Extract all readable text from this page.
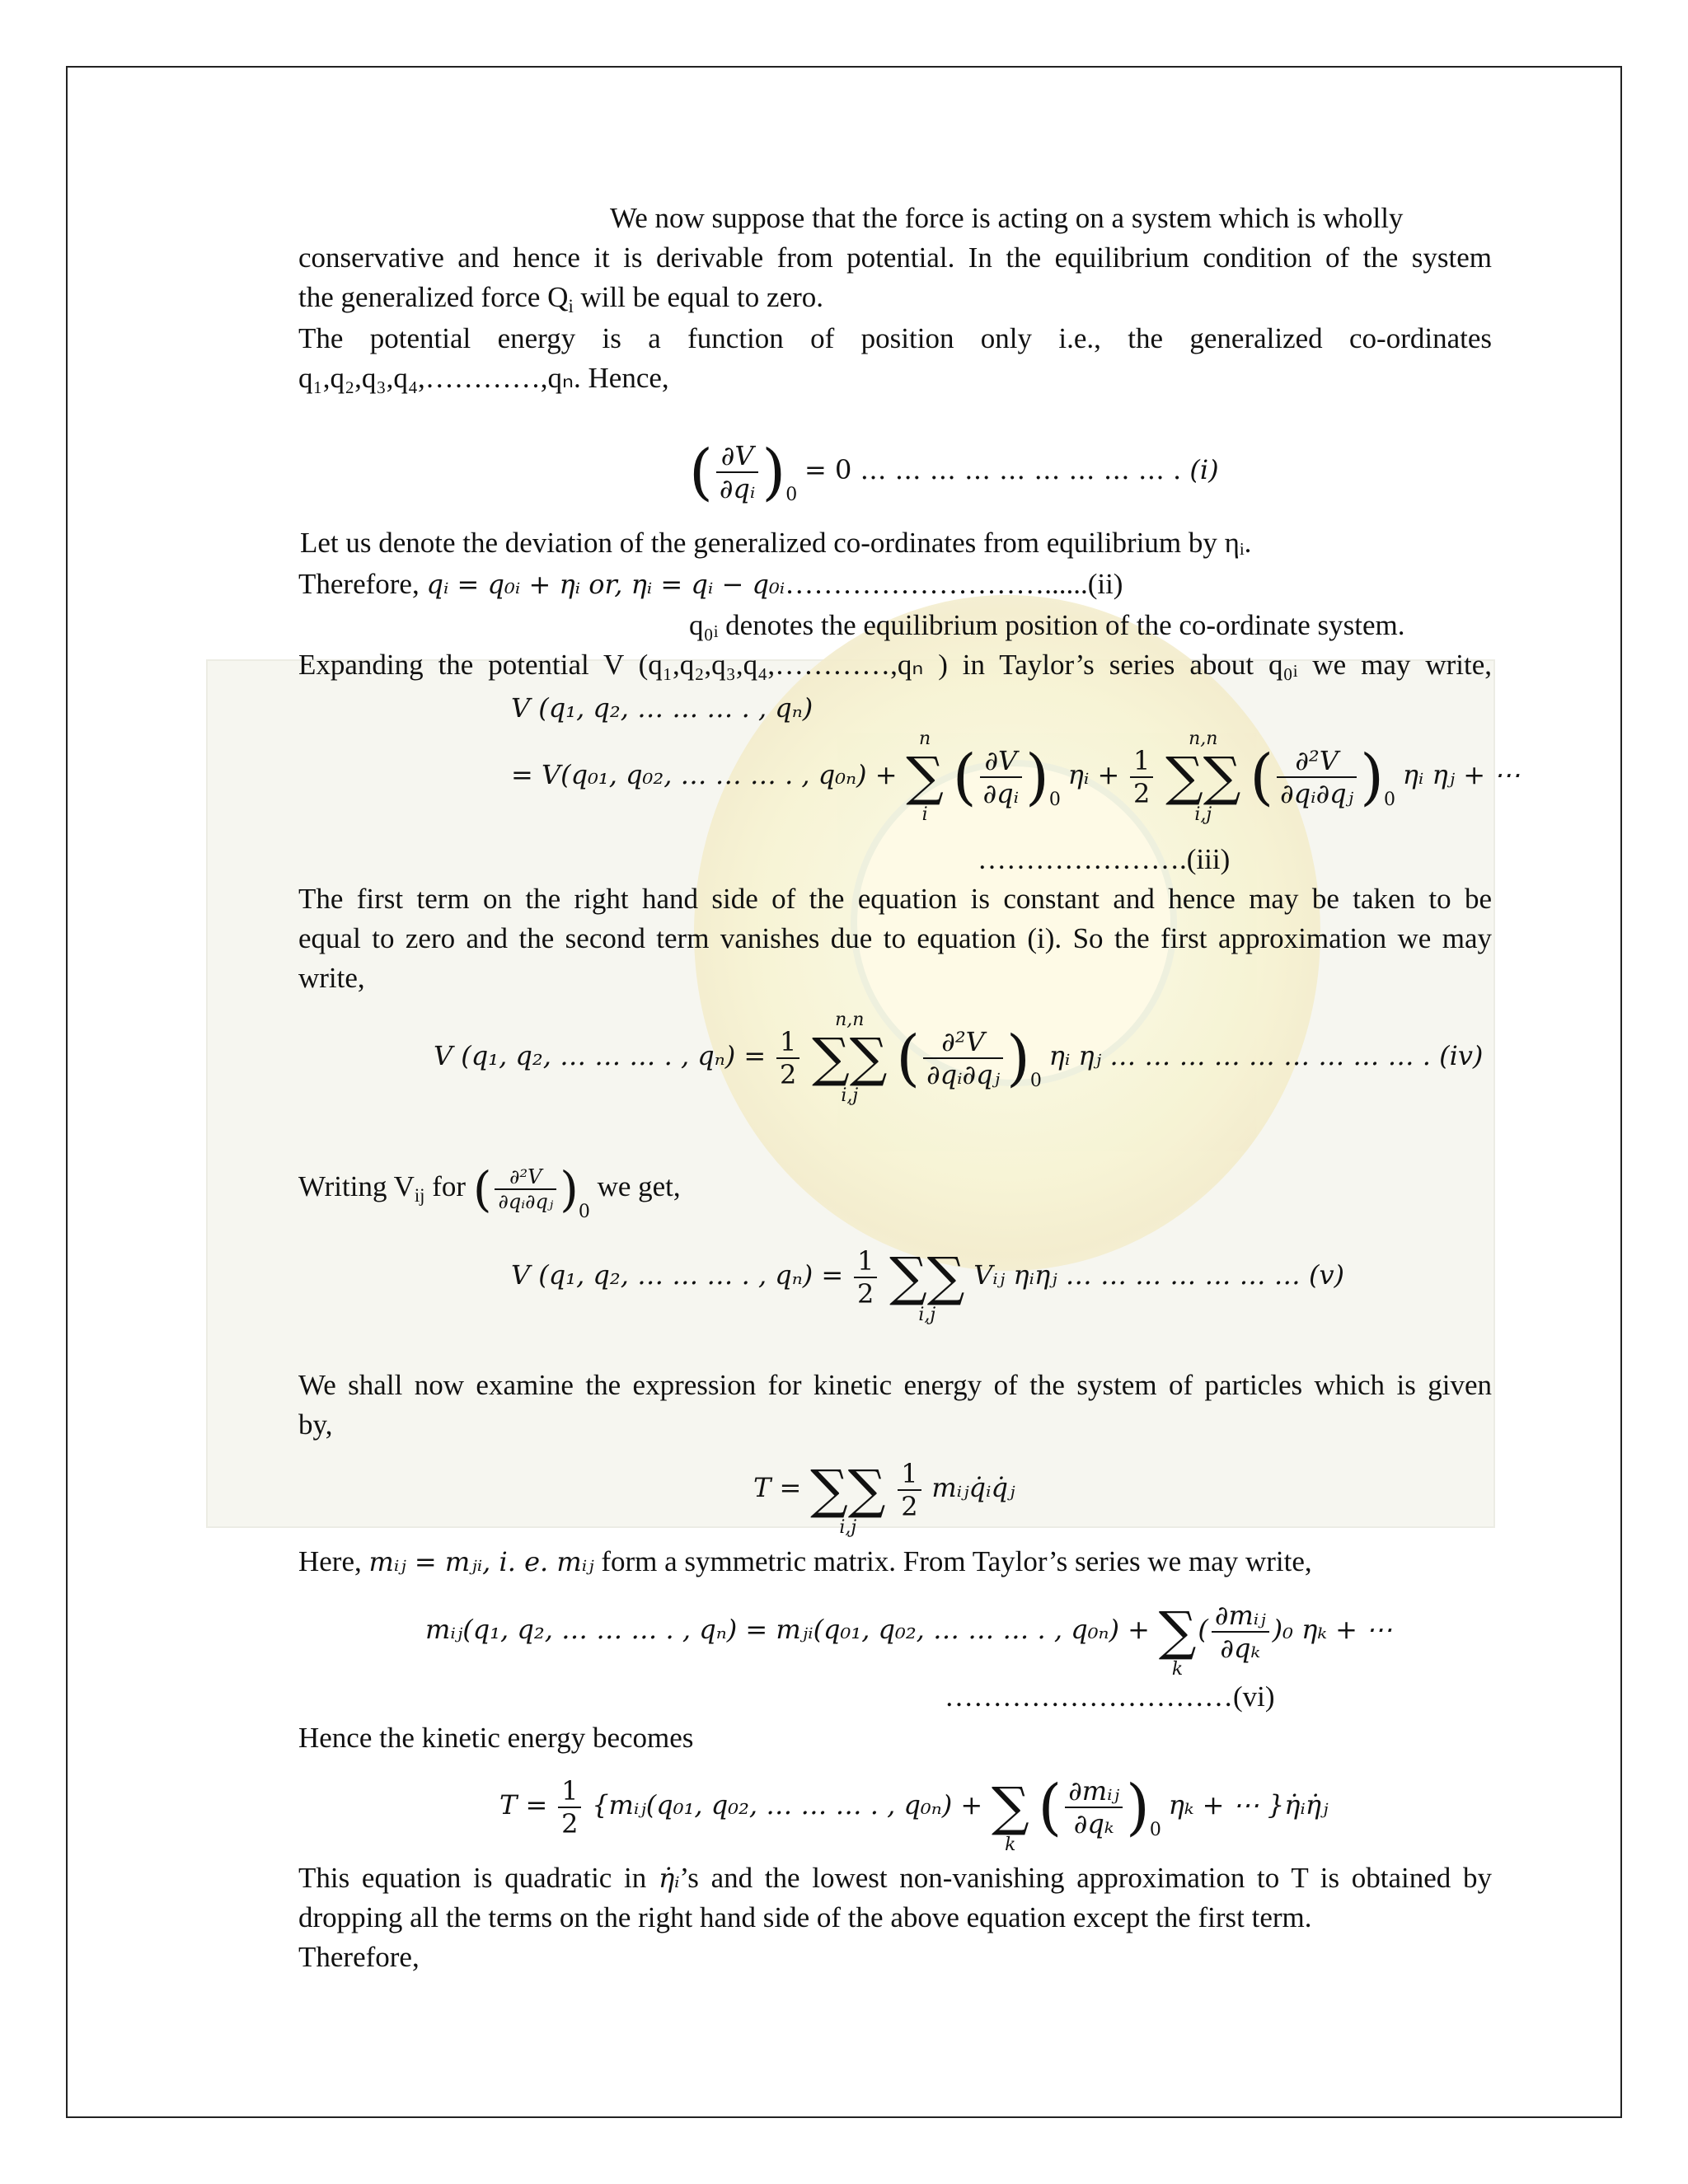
We now suppose that the force is acting on a system which is wholly
conservative and hence it is derivable from potential. In the equilibrium condition of the system
the generalized force $Q_i$ will be equal to zero.
The potential energy is a function of position only i.e., the generalized co-ordinates
q₁,q₂,q₃,q₄,…………,qₙ. Hence,
( $\frac{\partial V}{\text{∂qᵢ}} )_0 = 0$ … … … … … … … … … . (i)
Let us denote the deviation of the generalized co-ordinates from equilibrium by ηᵢ.
Therefore, qᵢ = q₀ᵢ + ηᵢ or, ηᵢ = qᵢ − q₀ᵢ………………………......(ii)
q₀ᵢ denotes the equilibrium position of the co-ordinate system.
Expanding the potential V (q₁,q₂,q₃,q₄,…………,qₙ ) in Taylor’s series about q₀ᵢ we may write,
V (q₁, q₂, … … … . , qₙ)
= V(q₀₁, q₀₂, … … … . , q₀ₙ) +
n
∑
i
( $\frac{\partial V}{\text{∂qᵢ}} )_0$ ηᵢ + $\frac{1}{2}$

n,n
∑∑
i,j
( $\frac{\text{∂²V}}{\text{∂qᵢ∂qⱼ}} )_0$ ηᵢ ηⱼ + ⋯
………………….(iii)
The first term on the right hand side of the equation is constant and hence may be taken to be
equal to zero and the second term vanishes due to equation (i). So the first approximation we may
write,
V (q₁, q₂, … … … . , $q_n) = \frac{1}{2}$

n,n
∑∑
i,j
( $\frac{\text{∂²V}}{\text{∂qᵢ∂qⱼ}} )_0$ ηᵢ ηⱼ … … … … … … … … … . (iv)
Writing $V_{ij}$ for ( $\frac{\text{∂²V}}{\text{∂qᵢ∂qⱼ}} )_0$ we get,
V (q₁, q₂, … … … . , $q_n) = \frac{1}{2}$
∑∑
i,j
Vᵢⱼ ηᵢηⱼ … … … … … … … (v)
We shall now examine the expression for kinetic energy of the system of particles which is given
by,
T = ∑∑
i,j

$\frac{1}{2}$ mᵢⱼq̇ᵢq̇ⱼ
Here, mᵢⱼ = mⱼᵢ, i. e. mᵢⱼ form a symmetric matrix. From Taylor’s series we may write,
mᵢⱼ(q₁, q₂, … … … . , qₙ) = mⱼᵢ(q₀₁, q₀₂, … … … . , q₀ₙ) + ∑
k
( $\frac{\text{∂mᵢⱼ}}{\text{∂qₖ}} )_0$ ηₖ + ⋯
…………………………(vi)
Hence the kinetic energy becomes
$T = \frac{1}{2}$ {mᵢⱼ(q₀₁, q₀₂, … … … . , q₀ₙ) + ∑
k
( $\frac{\text{∂mᵢⱼ}}{\text{∂qₖ}} )_0$ ηₖ + ⋯ }η̇ᵢη̇ⱼ
This equation is quadratic in η̇ᵢ’s and the lowest non-vanishing approximation to T is obtained by
dropping all the terms on the right hand side of the above equation except the first term.
Therefore,
